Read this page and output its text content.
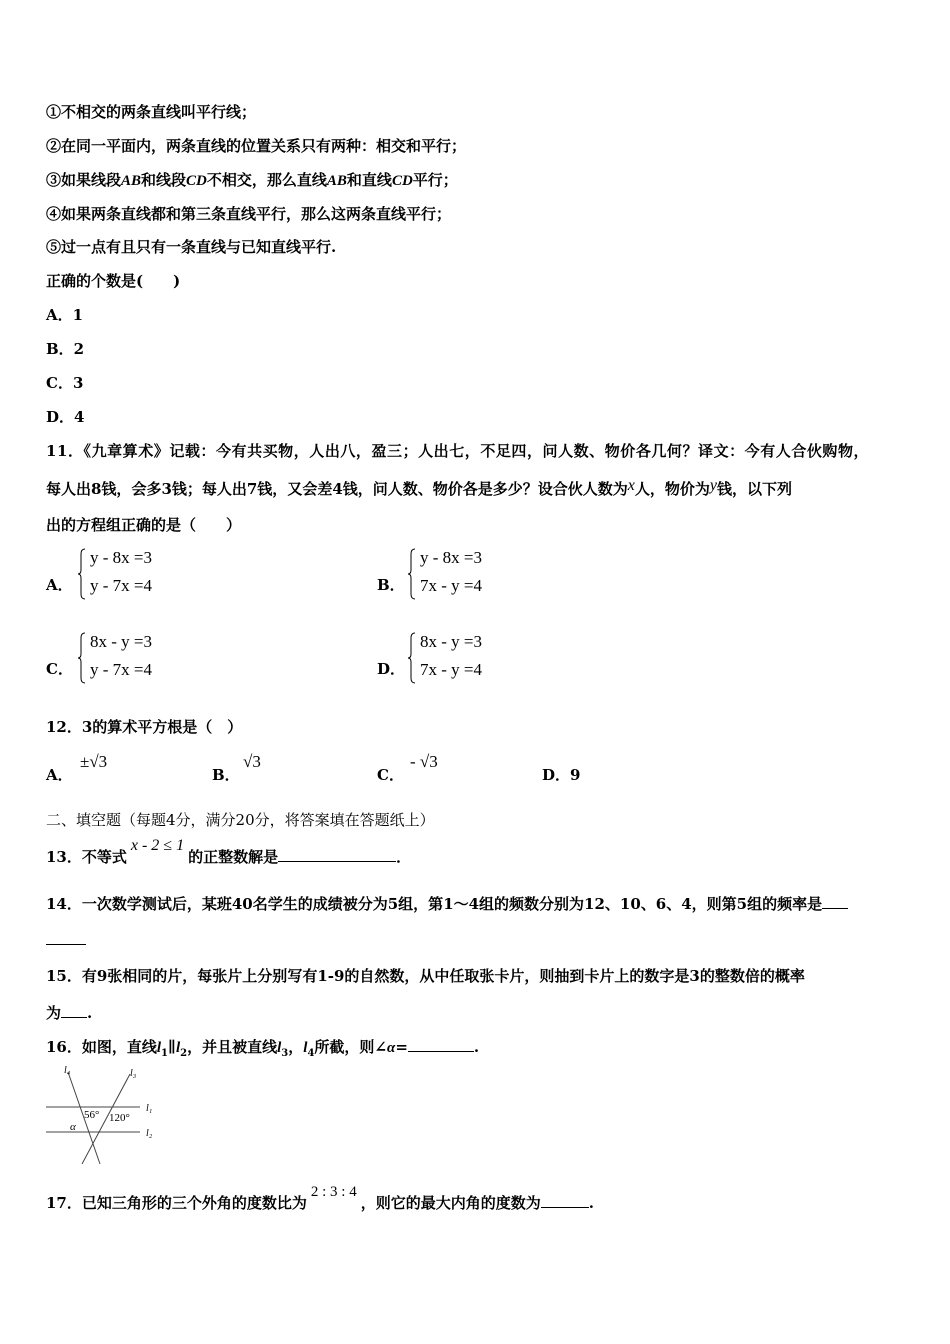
①不相交的两条直线叫平行线；
②在同一平面内，两条直线的位置关系只有两种：相交和平行；
③如果线段AB和线段CD不相交，那么直线AB和直线CD平行；
④如果两条直线都和第三条直线平行，那么这两条直线平行；
⑤过一点有且只有一条直线与已知直线平行.
正确的个数是(　　)
A．1
B．2
C．3
D．4
11．《九章算术》记载：今有共买物，人出八，盈三；人出七，不足四，问人数、物价各几何？译文：今有人合伙购物，
每人出8钱，会多3钱；每人出7钱，又会差4钱，问人数、物价各是多少？设合伙人数为x人，物价为y钱，以下列
出的方程组正确的是（　　）
A．
y - 8x =3
y - 7x =4	B．
y - 8x =3
7x - y =4
C．
8x - y =3
y - 7x =4	D．
8x - y =3
7x - y =4
12．3的算术平方根是（　）
A．
±√3
B．
√3
C．
- √3
D．9
二、填空题（每题4分，满分20分，将答案填在答题纸上）
13．不等式x - 2 ≤ 1的正整数解是	．
14．一次数学测试后，某班40名学生的成绩被分为5组，第1～4组的频数分别为12、10、6、4，则第5组的频率是
15．有9张相同的片，每张片上分别写有1-9的自然数，从中任取张卡片，则抽到卡片上的数字是3的整数倍的概率
为 .
16．如图，直线$l_1\parallel l_2$，并且被直线$l_3$，$l_4$所截，则∠α=	.
l₄	l₃
l₁
l₂
56° 120°
α
17．已知三角形的三个外角的度数比为2 : 3 : 4，则它的最大内角的度数为	.
